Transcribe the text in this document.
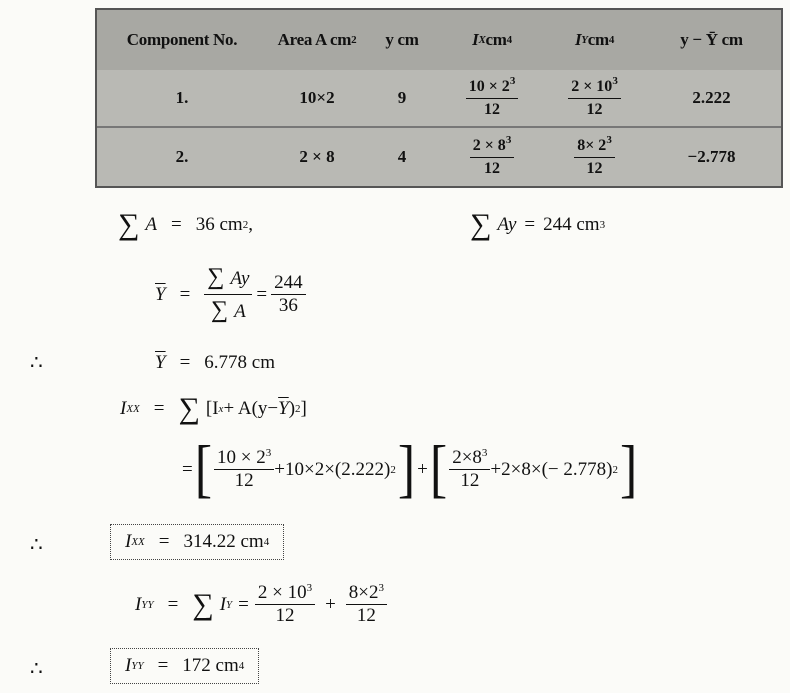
Component No. Area A cm 2 y cm	I X cm 4	I Y cm 4	y − Ȳ cm
1.	10×2	9	$\frac{10 \times 2^3}{12}$	$\frac{2 \times 10^3}{12}$	2.222
2.	2 × 8	4	$\frac{2 \times 8^3}{12}$	$\frac{8\times 2^3}{12}$	−2.778
∑ A = 36 cm 2 ,	∑ Ay = 244 cm 3
$\overline{Y} = \frac{\sum Ay}{\sum A} = \frac{244}{36}$
∴	$\overline{Y} = 6.778$ cm
I XX = ∑ [I $x + A(y- \overline{Y}$ ) 2 ]
= [ $\frac{10 \times 2^3}{12} +10\times 2\times(2.222)$ 2 ] + [ $\frac{2\times 8^3}{12} +2\times 8\times(- 2.778)$ 2 ]
∴	I XX = 314.22 cm 4
I YY = ∑ I $Y = \frac{2 \times 10^3}{12} + \frac{8\times 2^3}{12}$
∴	I YY = 172 cm 4
